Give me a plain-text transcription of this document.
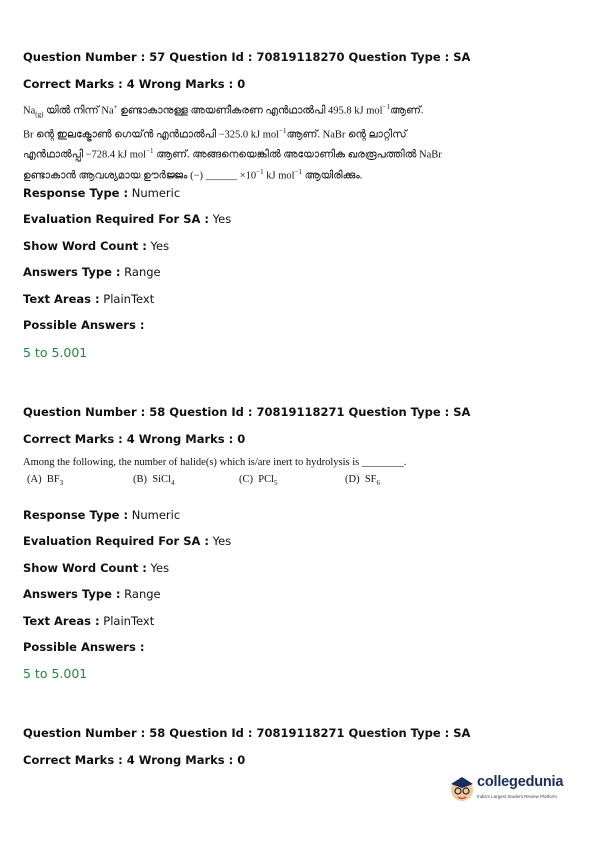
Question Number : 57 Question Id : 70819118270 Question Type : SA
Correct Marks : 4 Wrong Marks : 0
$Na_{(g)}$ യിൽ നിന്ന് Na+ ഉണ്ടാകാനുള്ള അയണീകരണ എൻഥാൽപി 495.8 kJ mol$^{-1}$ആണ്.
Br ന്റെ ഇലക്ട്രോൺ ഗെയ്ൻ എൻഥാൽപി −325.0 kJ mol$^{-1}$ആണ്. NaBr ന്റെ ലാറ്റിസ്
എൻഥാൽപ്പി −728.4 kJ mol$^{-1}$ ആണ്. അങ്ങനെയെങ്കിൽ അയോണിക ഖരരൂപത്തിൽ NaBr
ഉണ്ടാകാൻ ആവശ്യമായ ഊർജ്ജം (−) ______ $\times 10^{-1}$ kJ mol$^{-1}$ ആയിരിക്കും.
Response Type : Numeric
Evaluation Required For SA : Yes
Show Word Count : Yes
Answers Type : Range
Text Areas : PlainText
Possible Answers :
5 to 5.001
Question Number : 58 Question Id : 70819118271 Question Type : SA
Correct Marks : 4 Wrong Marks : 0
Among the following, the number of halide(s) which is/are inert to hydrolysis is ________.
(A) $BF_3$	(B) SiCl$_4$	(C) PCl$_5$	(D) $SF_6$
Response Type : Numeric
Evaluation Required For SA : Yes
Show Word Count : Yes
Answers Type : Range
Text Areas : PlainText
Possible Answers :
5 to 5.001
Question Number : 58 Question Id : 70819118271 Question Type : SA
Correct Marks : 4 Wrong Marks : 0
collegedunia
India's Largest Student Review Platform
